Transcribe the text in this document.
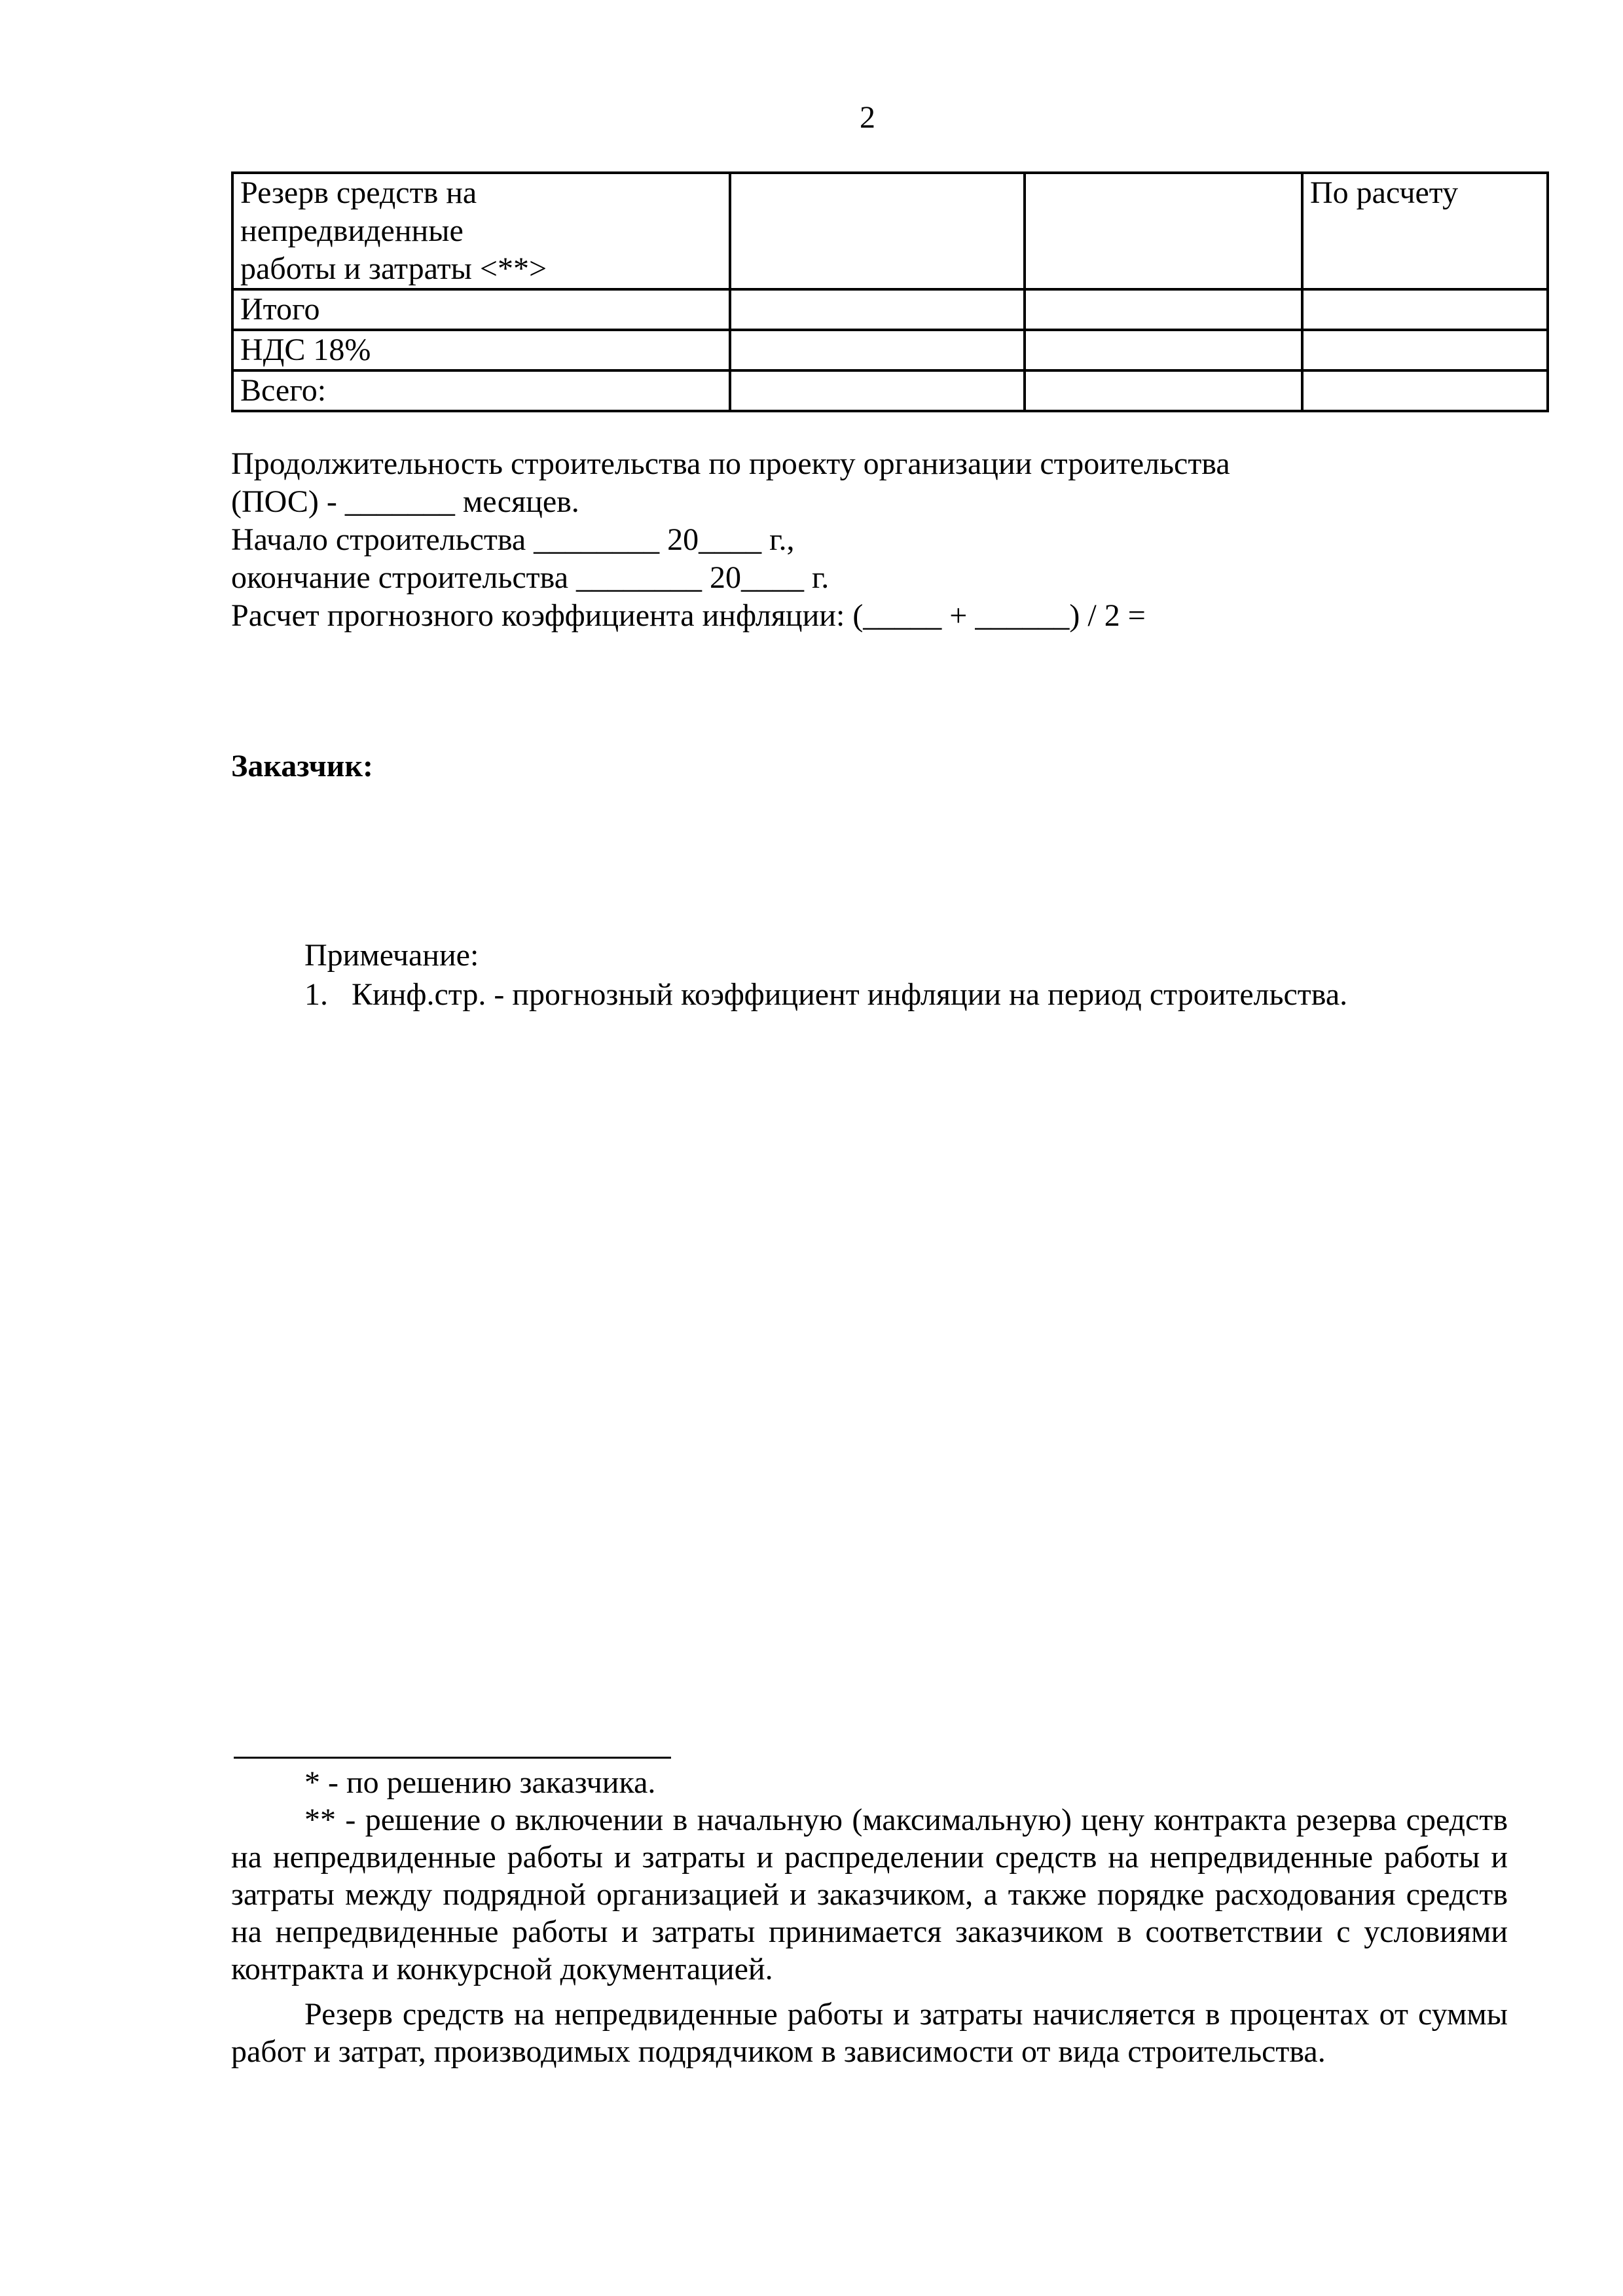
2
Резерв средств на
непредвиденные
работы и затраты <**>			По расчету
Итого			
НДС 18%			
Всего:			
Продолжительность строительства по проекту организации строительства
(ПОС) - _______ месяцев.
Начало строительства ________ 20____ г.,
окончание строительства ________ 20____ г.
Расчет прогнозного коэффициента инфляции: (_____ + ______) / 2 =
Заказчик:
Примечание:
1. Кинф.стр. - прогнозный коэффициент инфляции на период строительства.

* - по решению заказчика.

** - решение о включении в начальную (максимальную) цену контракта резерва средств на непредвиденные работы и затраты и распределении средств на непредвиденные работы и затраты между подрядной организацией и заказчиком, а также порядке расходования средств на непредвиденные работы и затраты принимается заказчиком в соответствии с условиями контракта и конкурсной документацией.

Резерв средств на непредвиденные работы и затраты начисляется в процентах от суммы работ и затрат, производимых подрядчиком в зависимости от вида строительства.
